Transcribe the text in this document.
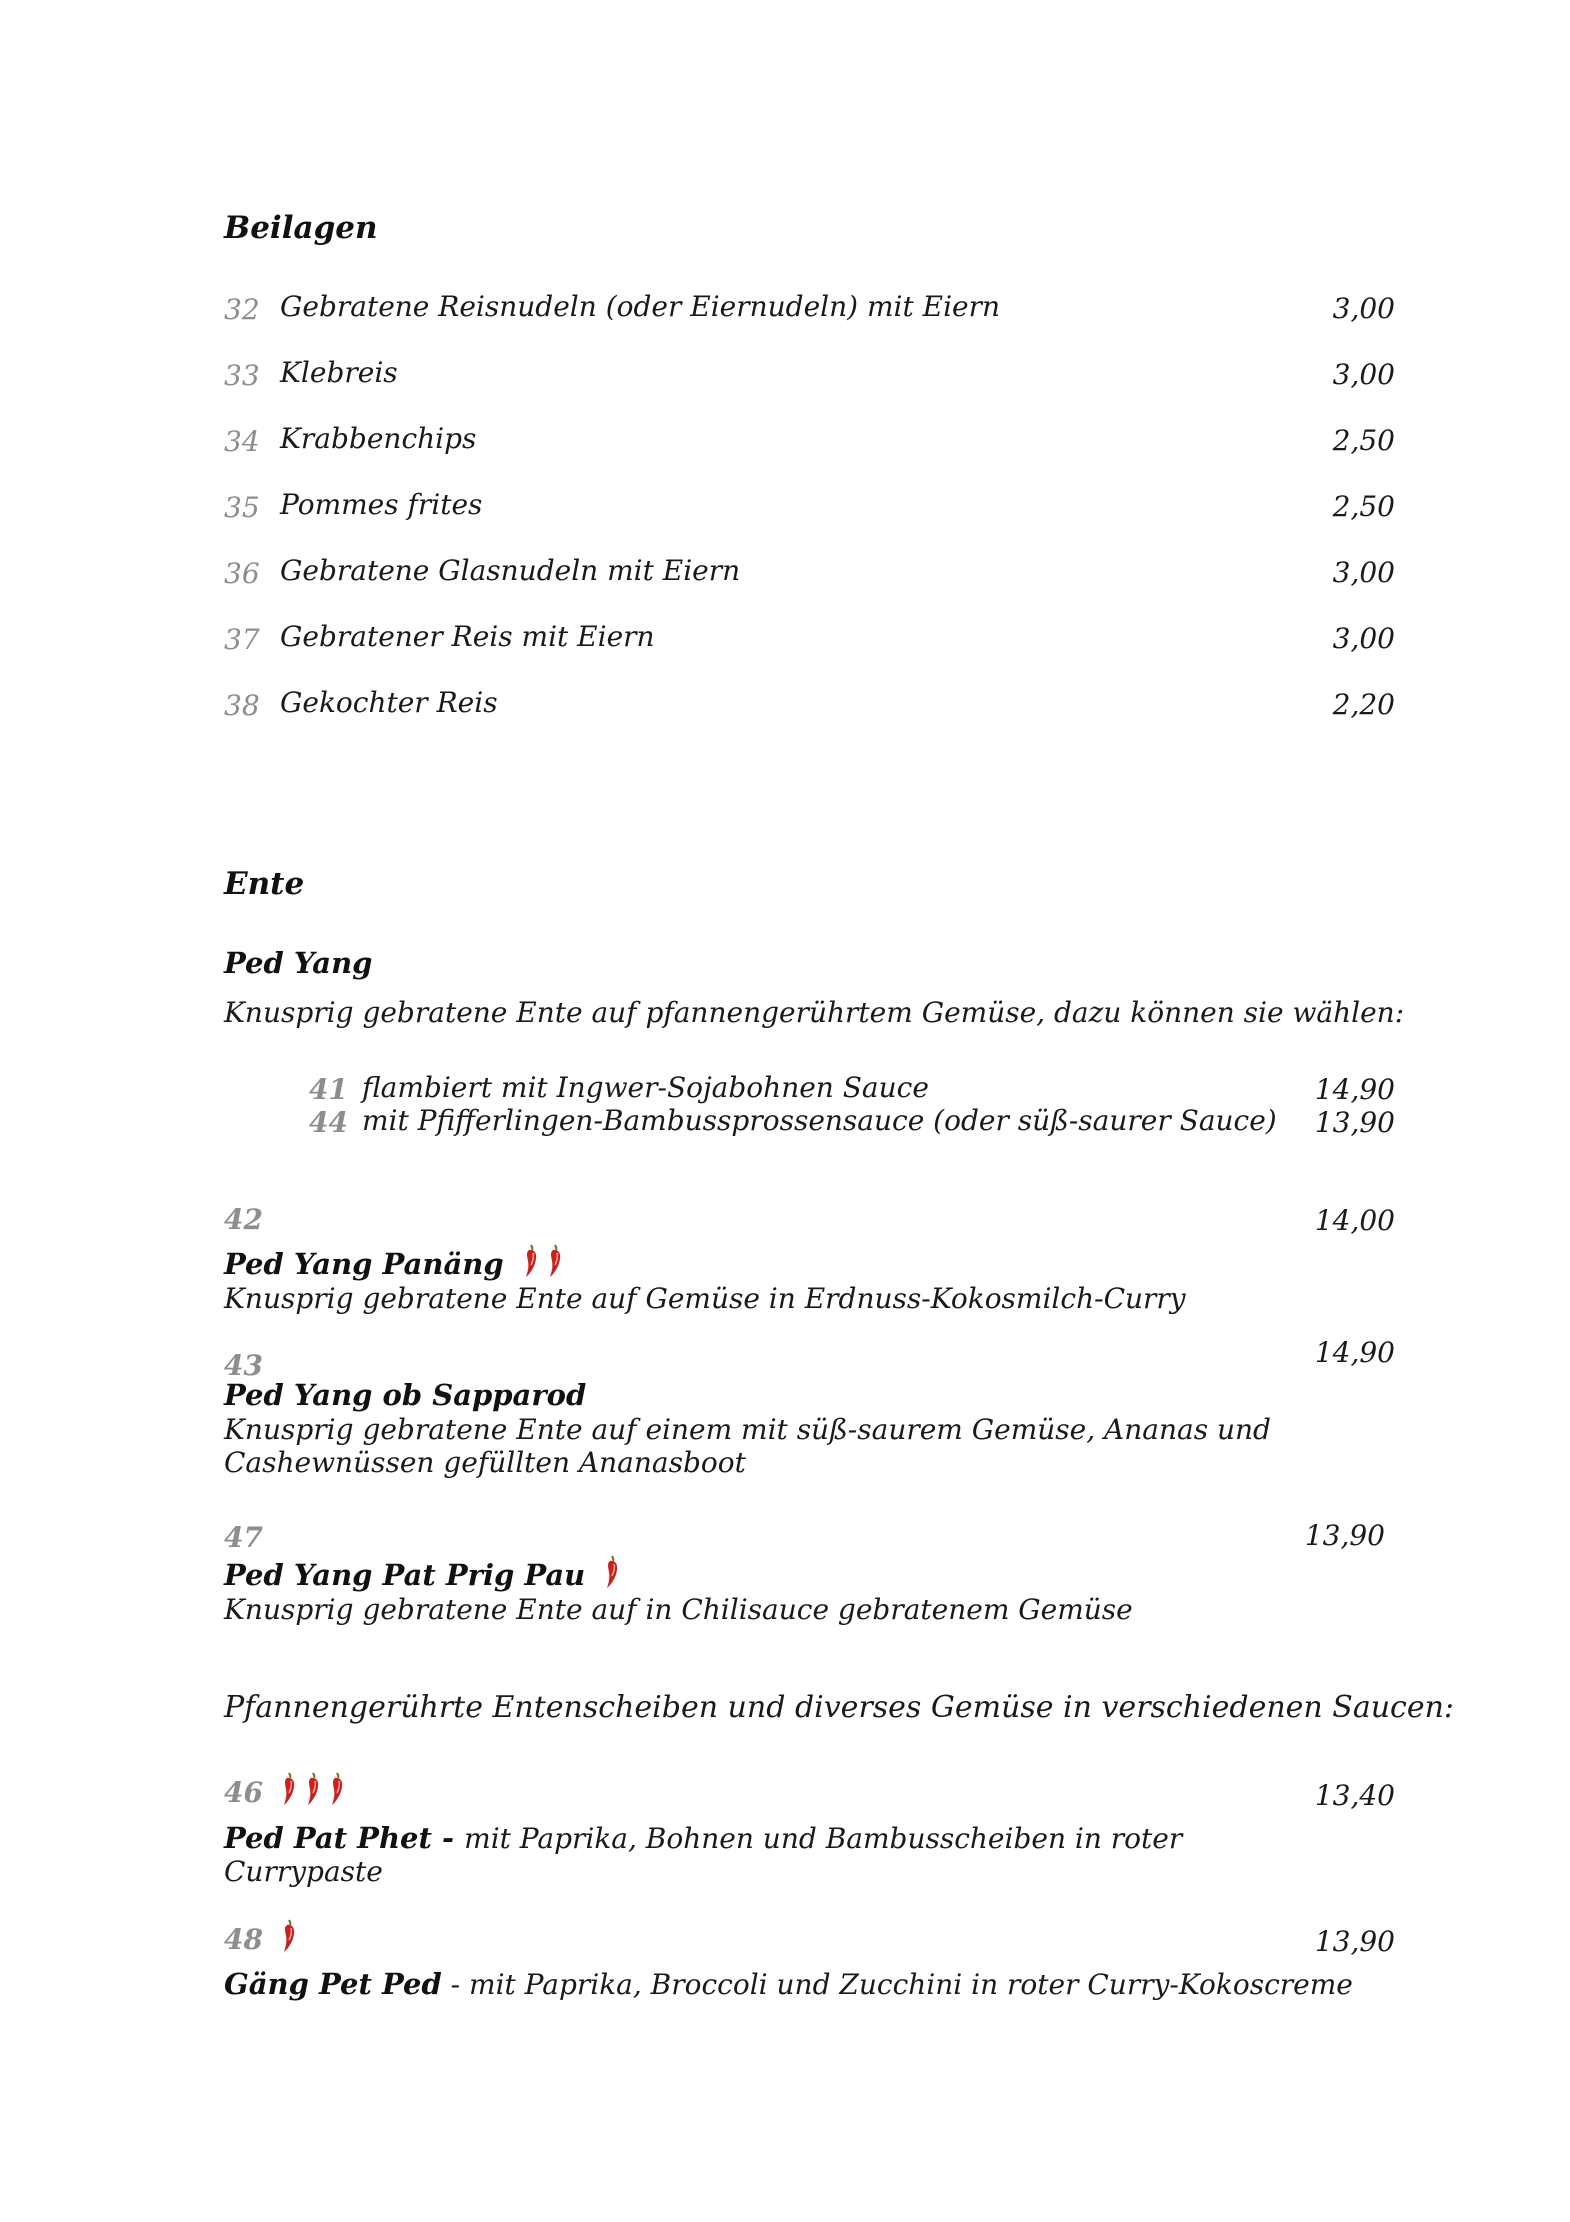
Beilagen
32 Gebratene Reisnudeln (oder Eiernudeln) mit Eiern	3,00
33 Klebreis	3,00
34 Krabbenchips	2,50
35 Pommes frites	2,50
36 Gebratene Glasnudeln mit Eiern	3,00
37 Gebratener Reis mit Eiern	3,00
38 Gekochter Reis	2,20
Ente
Ped Yang
Knusprig gebratene Ente auf pfannengerührtem Gemüse, dazu können sie wählen:
41 flambiert mit Ingwer-Sojabohnen Sauce	14,90
44 mit Pfifferlingen-Bambussprossensauce (oder süß-saurer Sauce)	13,90
42	14,00
Ped Yang Panäng
Knusprig gebratene Ente auf Gemüse in Erdnuss-Kokosmilch-Curry
43	14,90
Ped Yang ob Sapparod
Knusprig gebratene Ente auf einem mit süß-saurem Gemüse, Ananas und
Cashewnüssen gefüllten Ananasboot
47	13,90
Ped Yang Pat Prig Pau
Knusprig gebratene Ente auf in Chilisauce gebratenem Gemüse
Pfannengerührte Entenscheiben und diverses Gemüse in verschiedenen Saucen:
46	13,40
Ped Pat Phet - mit Paprika, Bohnen und Bambusscheiben in roter
Currypaste
48	13,90
Gäng Pet Ped - mit Paprika, Broccoli und Zucchini in roter Curry-Kokoscreme
